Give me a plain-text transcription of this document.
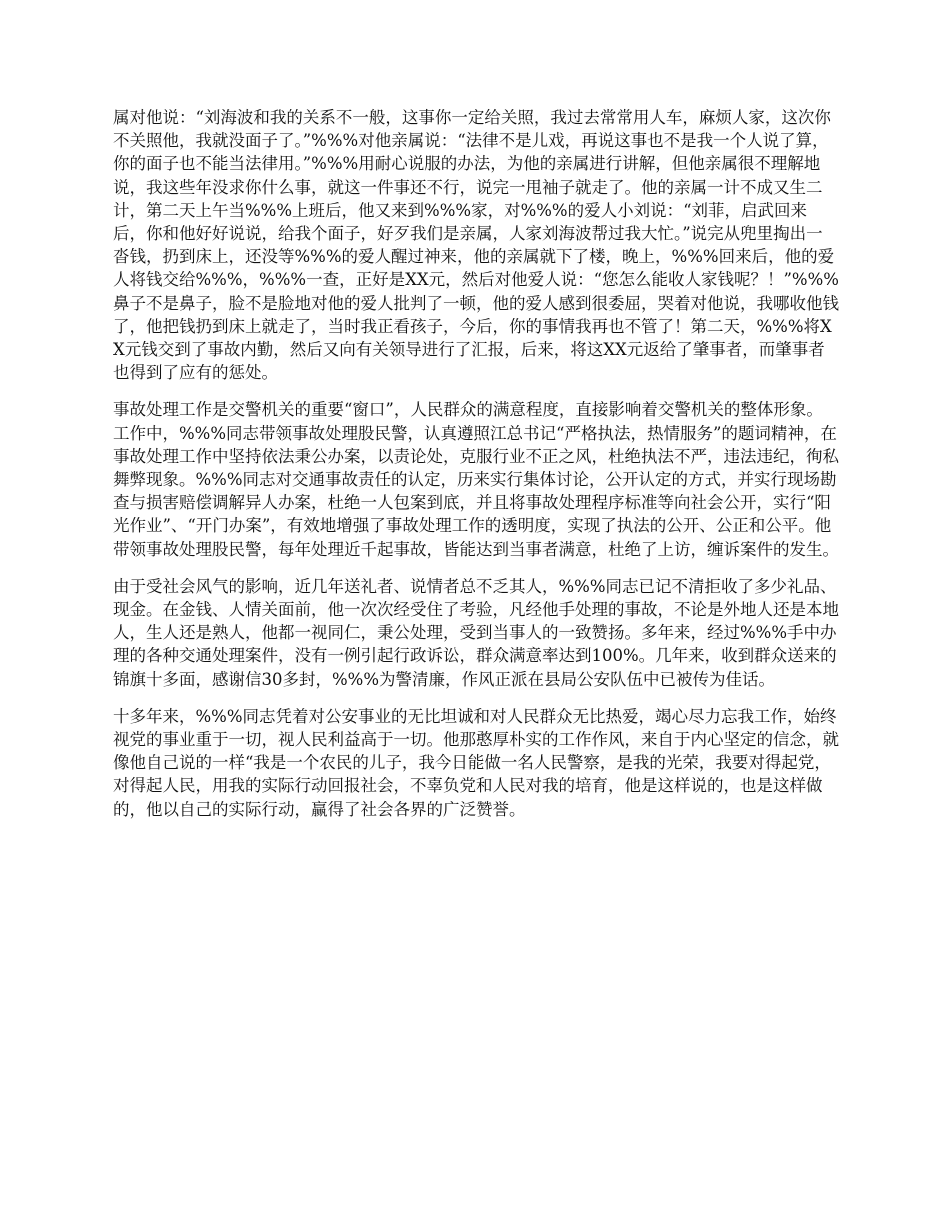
属对他说：“刘海波和我的关系不一般，这事你一定给关照，我过去常常用人车，麻烦人家，这次你不关照他，我就没面子了。”%%%对他亲属说：“法律不是儿戏，再说这事也不是我一个人说了算，你的面子也不能当法律用。”%%%用耐心说服的办法，为他的亲属进行讲解，但他亲属很不理解地说，我这些年没求你什么事，就这一件事还不行，说完一甩袖子就走了。他的亲属一计不成又生二计，第二天上午当%%%上班后，他又来到%%%家，对%%%的爱人小刘说：“刘菲，启武回来后，你和他好好说说，给我个面子，好歹我们是亲属，人家刘海波帮过我大忙。”说完从兜里掏出一沓钱，扔到床上，还没等%%%的爱人醒过神来，他的亲属就下了楼，晚上，%%%回来后，他的爱人将钱交给%%%，%%%一查，正好是XX元，然后对他爱人说：“您怎么能收人家钱呢？！”%%%鼻子不是鼻子，脸不是脸地对他的爱人批判了一顿，他的爱人感到很委屈，哭着对他说，我哪收他钱了，他把钱扔到床上就走了，当时我正看孩子，今后，你的事情我再也不管了！第二天，%%%将XX元钱交到了事故内勤，然后又向有关领导进行了汇报，后来，将这XX元返给了肇事者，而肇事者也得到了应有的惩处。

事故处理工作是交警机关的重要“窗口”，人民群众的满意程度，直接影响着交警机关的整体形象。工作中，%%%同志带领事故处理股民警，认真遵照江总书记“严格执法，热情服务”的题词精神，在事故处理工作中坚持依法秉公办案，以责论处，克服行业不正之风，杜绝执法不严，违法违纪，徇私舞弊现象。%%%同志对交通事故责任的认定，历来实行集体讨论，公开认定的方式，并实行现场勘查与损害赔偿调解异人办案，杜绝一人包案到底，并且将事故处理程序标准等向社会公开，实行“阳光作业”、“开门办案”，有效地增强了事故处理工作的透明度，实现了执法的公开、公正和公平。他带领事故处理股民警，每年处理近千起事故，皆能达到当事者满意，杜绝了上访，缠诉案件的发生。

由于受社会风气的影响，近几年送礼者、说情者总不乏其人，%%%同志已记不清拒收了多少礼品、现金。在金钱、人情关面前，他一次次经受住了考验，凡经他手处理的事故，不论是外地人还是本地人，生人还是熟人，他都一视同仁，秉公处理，受到当事人的一致赞扬。多年来，经过%%%手中办理的各种交通处理案件，没有一例引起行政诉讼，群众满意率达到100%。几年来，收到群众送来的锦旗十多面，感谢信30多封，%%%为警清廉，作风正派在县局公安队伍中已被传为佳话。

十多年来，%%%同志凭着对公安事业的无比坦诚和对人民群众无比热爱，竭心尽力忘我工作，始终视党的事业重于一切，视人民利益高于一切。他那憨厚朴实的工作作风，来自于内心坚定的信念，就像他自己说的一样“我是一个农民的儿子，我今日能做一名人民警察，是我的光荣，我要对得起党，对得起人民，用我的实际行动回报社会，不辜负党和人民对我的培育，他是这样说的，也是这样做的，他以自己的实际行动，赢得了社会各界的广泛赞誉。
